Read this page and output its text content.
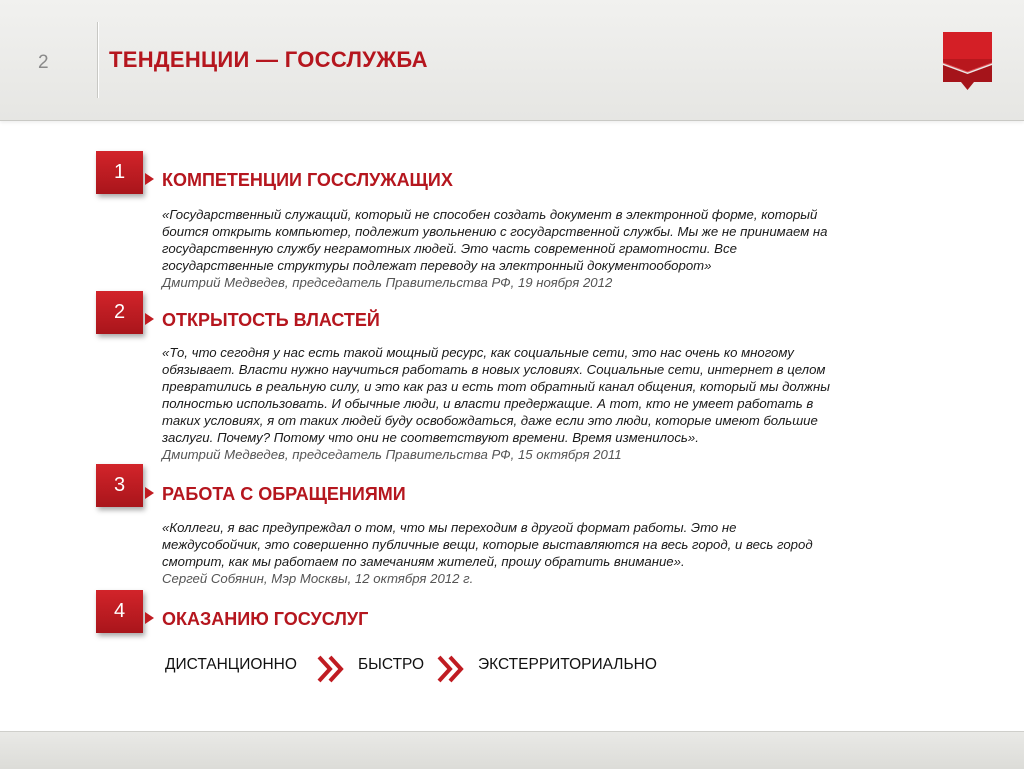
2	ТЕНДЕНЦИИ — ГОССЛУЖБА
1	КОМПЕТЕНЦИИ ГОССЛУЖАЩИХ
«Государственный служащий, который не способен создать документ в электронной форме, который
боится открыть компьютер, подлежит увольнению с государственной службы. Мы же не принимаем на
государственную службу неграмотных людей. Это часть современной грамотности. Все
государственные структуры подлежат переводу на электронный документооборот»
Дмитрий Медведев, председатель Правительства РФ, 19 ноября 2012
2	ОТКРЫТОСТЬ ВЛАСТЕЙ
«То, что сегодня у нас есть такой мощный ресурс, как социальные сети, это нас очень ко многому
обязывает. Власти нужно научиться работать в новых условиях. Социальные сети, интернет в целом
превратились в реальную силу, и это как раз и есть тот обратный канал общения, который мы должны
полностью использовать. И обычные люди, и власти предержащие. А тот, кто не умеет работать в
таких условиях, я от таких людей буду освобождаться, даже если это люди, которые имеют большие
заслуги. Почему? Потому что они не соответствуют времени. Время изменилось».
Дмитрий Медведев, председатель Правительства РФ, 15 октября 2011
3	РАБОТА С ОБРАЩЕНИЯМИ
«Коллеги, я вас предупреждал о том, что мы переходим в другой формат работы. Это не
междусобойчик, это совершенно публичные вещи, которые выставляются на весь город, и весь город
смотрит, как мы работаем по замечаниям жителей, прошу обратить внимание».
Сергей Собянин, Мэр Москвы, 12 октября 2012 г.
4	ОКАЗАНИЮ ГОСУСЛУГ
ДИСТАНЦИОННО	БЫСТРО	ЭКСТЕРРИТОРИАЛЬНО
